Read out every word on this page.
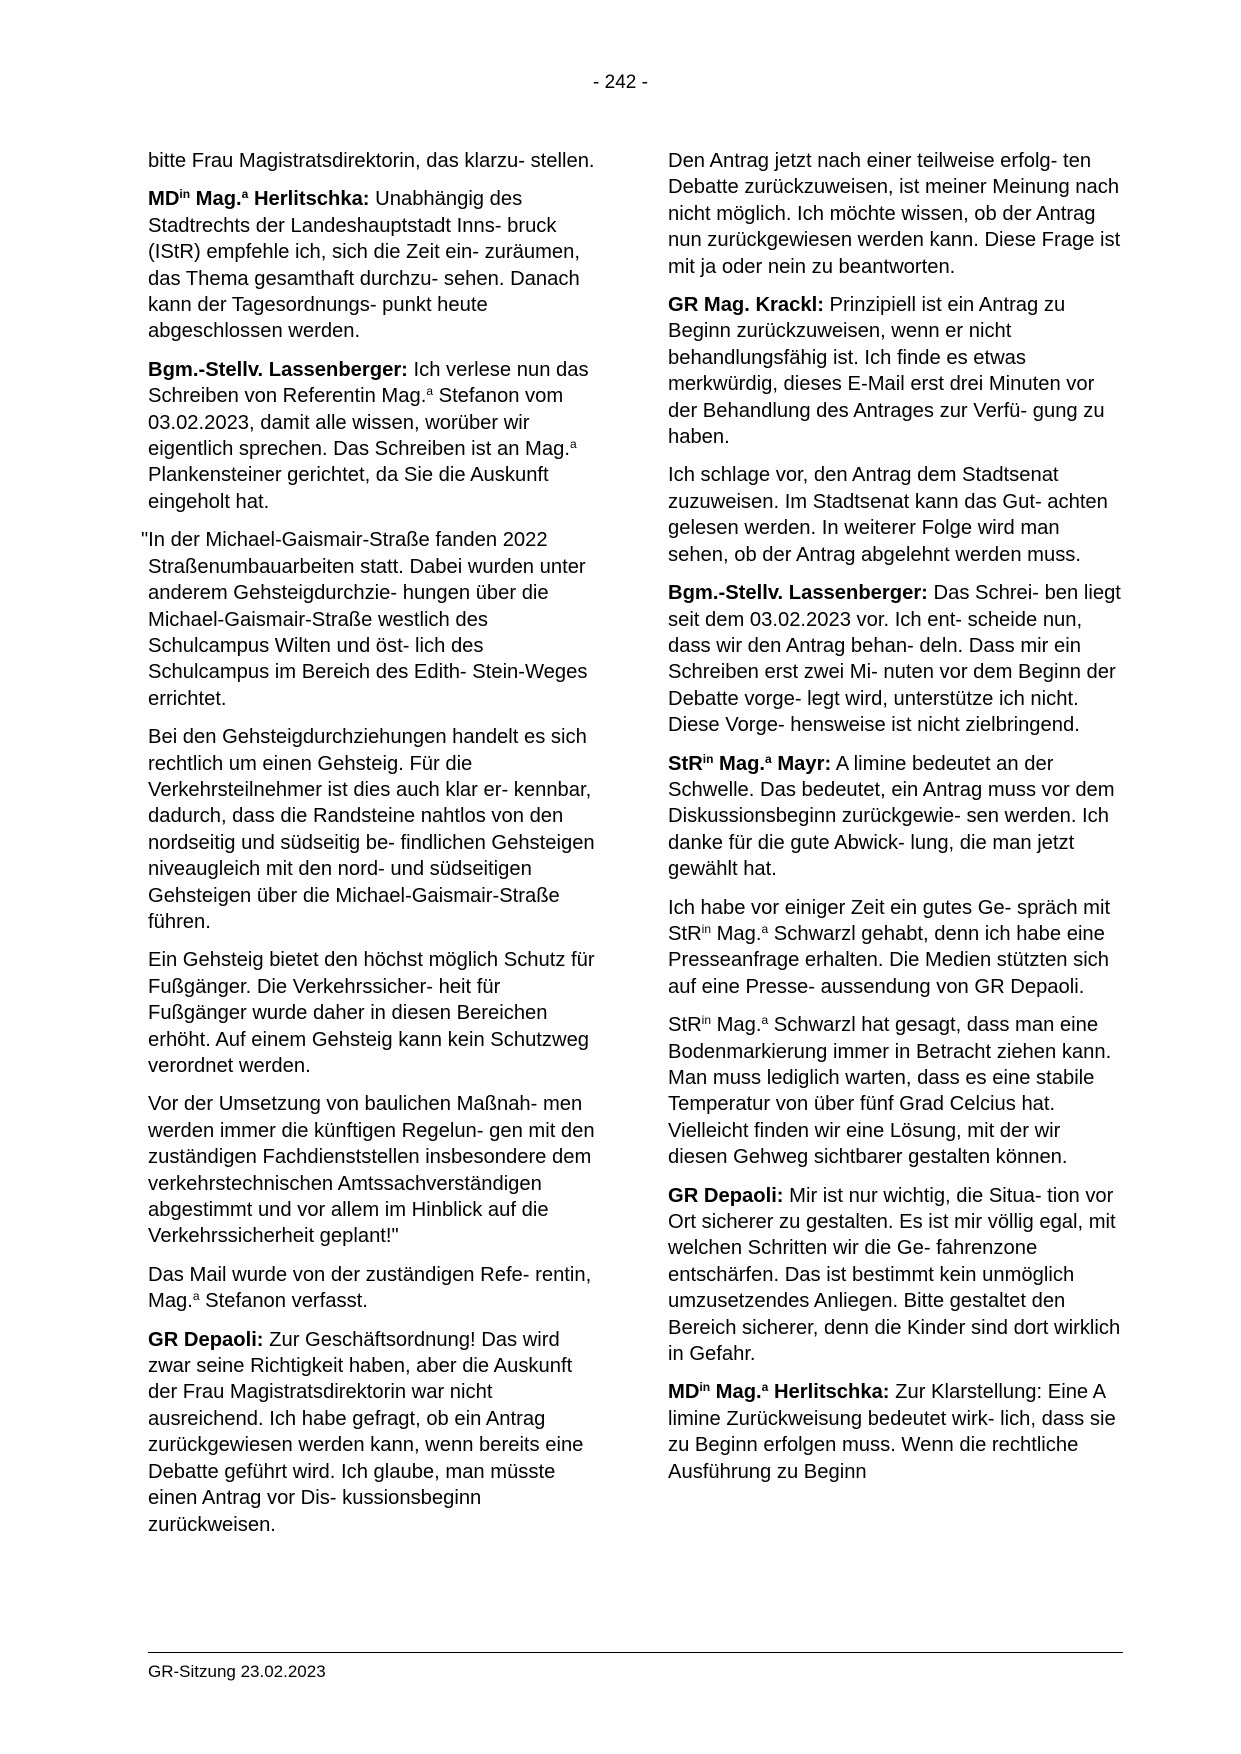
- 242 -

bitte Frau Magistratsdirektorin, das klarzu- stellen.

$MD^{in}$ Mag.$^a$ Herlitschka: Unabhängig des Stadtrechts der Landeshauptstadt Inns- bruck (IStR) empfehle ich, sich die Zeit ein- zuräumen, das Thema gesamthaft durchzu- sehen. Danach kann der Tagesordnungs- punkt heute abgeschlossen werden.

Bgm.-Stellv. Lassenberger: Ich verlese nun das Schreiben von Referentin Mag.$^a$ Stefanon vom 03.02.2023, damit alle wissen, worüber wir eigentlich sprechen. Das Schreiben ist an Mag.$^a$ Plankensteiner gerichtet, da Sie die Auskunft eingeholt hat.

"In der Michael-Gaismair-Straße fanden 2022 Straßenumbauarbeiten statt. Dabei wurden unter anderem Gehsteigdurchzie- hungen über die Michael-Gaismair-Straße westlich des Schulcampus Wilten und öst- lich des Schulcampus im Bereich des Edith- Stein-Weges errichtet.

Bei den Gehsteigdurchziehungen handelt es sich rechtlich um einen Gehsteig. Für die Verkehrsteilnehmer ist dies auch klar er- kennbar, dadurch, dass die Randsteine nahtlos von den nordseitig und südseitig be- findlichen Gehsteigen niveaugleich mit den nord- und südseitigen Gehsteigen über die Michael-Gaismair-Straße führen.

Ein Gehsteig bietet den höchst möglich Schutz für Fußgänger. Die Verkehrssicher- heit für Fußgänger wurde daher in diesen Bereichen erhöht. Auf einem Gehsteig kann kein Schutzweg verordnet werden.

Vor der Umsetzung von baulichen Maßnah- men werden immer die künftigen Regelun- gen mit den zuständigen Fachdienststellen insbesondere dem verkehrstechnischen Amtssachverständigen abgestimmt und vor allem im Hinblick auf die Verkehrssicherheit geplant!"

Das Mail wurde von der zuständigen Refe- rentin, Mag.$^a$ Stefanon verfasst.

GR Depaoli: Zur Geschäftsordnung! Das wird zwar seine Richtigkeit haben, aber die Auskunft der Frau Magistratsdirektorin war nicht ausreichend. Ich habe gefragt, ob ein Antrag zurückgewiesen werden kann, wenn bereits eine Debatte geführt wird. Ich glaube, man müsste einen Antrag vor Dis- kussionsbeginn zurückweisen.

Den Antrag jetzt nach einer teilweise erfolg- ten Debatte zurückzuweisen, ist meiner Meinung nach nicht möglich. Ich möchte wissen, ob der Antrag nun zurückgewiesen werden kann. Diese Frage ist mit ja oder nein zu beantworten.

GR Mag. Krackl: Prinzipiell ist ein Antrag zu Beginn zurückzuweisen, wenn er nicht behandlungsfähig ist. Ich finde es etwas merkwürdig, dieses E-Mail erst drei Minuten vor der Behandlung des Antrages zur Verfü- gung zu haben.

Ich schlage vor, den Antrag dem Stadtsenat zuzuweisen. Im Stadtsenat kann das Gut- achten gelesen werden. In weiterer Folge wird man sehen, ob der Antrag abgelehnt werden muss.

Bgm.-Stellv. Lassenberger: Das Schrei- ben liegt seit dem 03.02.2023 vor. Ich ent- scheide nun, dass wir den Antrag behan- deln. Dass mir ein Schreiben erst zwei Mi- nuten vor dem Beginn der Debatte vorge- legt wird, unterstütze ich nicht. Diese Vorge- hensweise ist nicht zielbringend.

StR$^{in}$ Mag.$^a$ Mayr: A limine bedeutet an der Schwelle. Das bedeutet, ein Antrag muss vor dem Diskussionsbeginn zurückgewie- sen werden. Ich danke für die gute Abwick- lung, die man jetzt gewählt hat.

Ich habe vor einiger Zeit ein gutes Ge- spräch mit StR$^{in}$ Mag.$^a$ Schwarzl gehabt, denn ich habe eine Presseanfrage erhalten. Die Medien stützten sich auf eine Presse- aussendung von GR Depaoli.

StR$^{in}$ Mag.$^a$ Schwarzl hat gesagt, dass man eine Bodenmarkierung immer in Betracht ziehen kann. Man muss lediglich warten, dass es eine stabile Temperatur von über fünf Grad Celcius hat. Vielleicht finden wir eine Lösung, mit der wir diesen Gehweg sichtbarer gestalten können.

GR Depaoli: Mir ist nur wichtig, die Situa- tion vor Ort sicherer zu gestalten. Es ist mir völlig egal, mit welchen Schritten wir die Ge- fahrenzone entschärfen. Das ist bestimmt kein unmöglich umzusetzendes Anliegen. Bitte gestaltet den Bereich sicherer, denn die Kinder sind dort wirklich in Gefahr.

$MD^{in}$ Mag.$^a$ Herlitschka: Zur Klarstellung: Eine A limine Zurückweisung bedeutet wirk- lich, dass sie zu Beginn erfolgen muss. Wenn die rechtliche Ausführung zu Beginn

GR-Sitzung 23.02.2023
